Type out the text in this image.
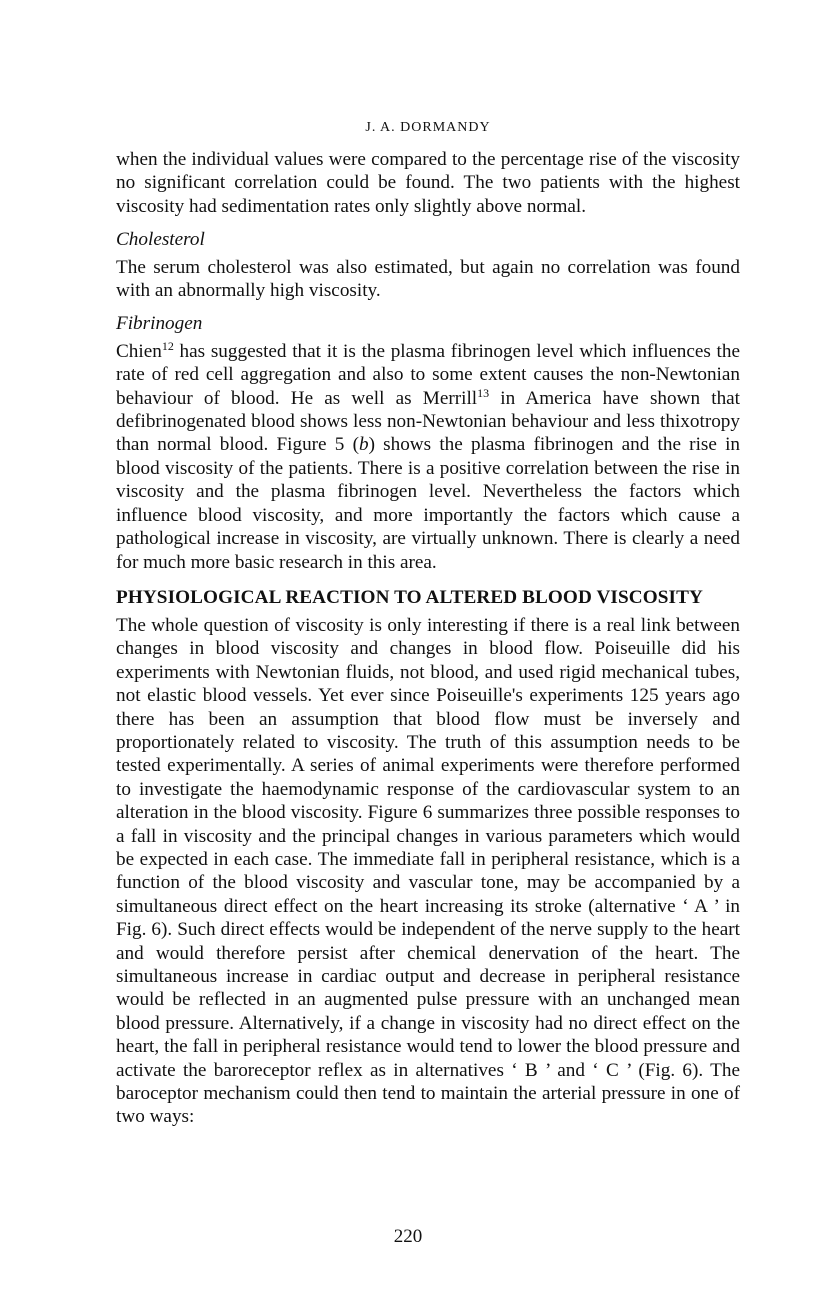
J. A. DORMANDY

when the individual values were compared to the percentage rise of the viscosity no significant correlation could be found. The two patients with the highest viscosity had sedimentation rates only slightly above normal.

Cholesterol

The serum cholesterol was also estimated, but again no correlation was found with an abnormally high viscosity.

Fibrinogen

Chien$^{12}$ has suggested that it is the plasma fibrinogen level which influences the rate of red cell aggregation and also to some extent causes the non-Newtonian behaviour of blood. He as well as Merrill$^{13}$ in America have shown that defibrinogenated blood shows less non-Newtonian behaviour and less thixotropy than normal blood. Figure 5 (b) shows the plasma fibrinogen and the rise in blood viscosity of the patients. There is a positive correlation between the rise in viscosity and the plasma fibrinogen level. Nevertheless the factors which influence blood viscosity, and more importantly the factors which cause a pathological increase in viscosity, are virtually unknown. There is clearly a need for much more basic research in this area.

PHYSIOLOGICAL REACTION TO ALTERED BLOOD VISCOSITY

The whole question of viscosity is only interesting if there is a real link between changes in blood viscosity and changes in blood flow. Poiseuille did his experiments with Newtonian fluids, not blood, and used rigid mechanical tubes, not elastic blood vessels. Yet ever since Poiseuille's experiments 125 years ago there has been an assumption that blood flow must be inversely and proportionately related to viscosity. The truth of this assumption needs to be tested experimentally. A series of animal experiments were therefore performed to investigate the haemodynamic response of the cardiovascular system to an alteration in the blood viscosity. Figure 6 summarizes three possible responses to a fall in viscosity and the principal changes in various parameters which would be expected in each case. The immediate fall in peripheral resistance, which is a function of the blood viscosity and vascular tone, may be accompanied by a simultaneous direct effect on the heart increasing its stroke (alternative ‘ A ’ in Fig. 6). Such direct effects would be independent of the nerve supply to the heart and would therefore persist after chemical denervation of the heart. The simultaneous increase in cardiac output and decrease in peripheral resistance would be reflected in an augmented pulse pressure with an unchanged mean blood pressure. Alternatively, if a change in viscosity had no direct effect on the heart, the fall in peripheral resistance would tend to lower the blood pressure and activate the baroreceptor reflex as in alternatives ‘ B ’ and ‘ C ’ (Fig. 6). The baroceptor mechanism could then tend to maintain the arterial pressure in one of two ways:

220
